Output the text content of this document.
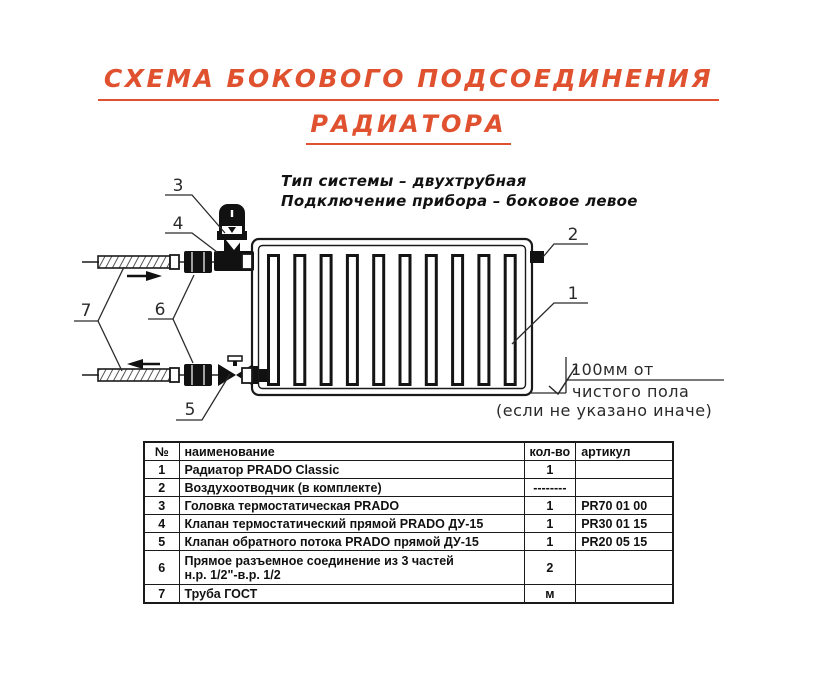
СХЕМА БОКОВОГО ПОДСОЕДИНЕНИЯ
РАДИАТОРА
Тип системы – двухтрубная
Подключение прибора – боковое левое
3
4
7	6
5
2
1
100мм от
чистого пола
(если не указано иначе)
№	наименование	кол-во	артикул
1	Радиатор PRADO Classic	1	
2	Воздухоотводчик (в комплекте)	--------	
3	Головка термостатическая PRADO	1	PR70 01 00
4	Клапан термостатический прямой PRADO ДУ-15	1	PR30 01 15
5	Клапан обратного потока PRADO прямой ДУ-15	1	PR20 05 15
6	Прямое разъемное соединение из 3 частей
н.р. 1/2"-в.р. 1/2	2	
7	Труба ГОСТ	м	
